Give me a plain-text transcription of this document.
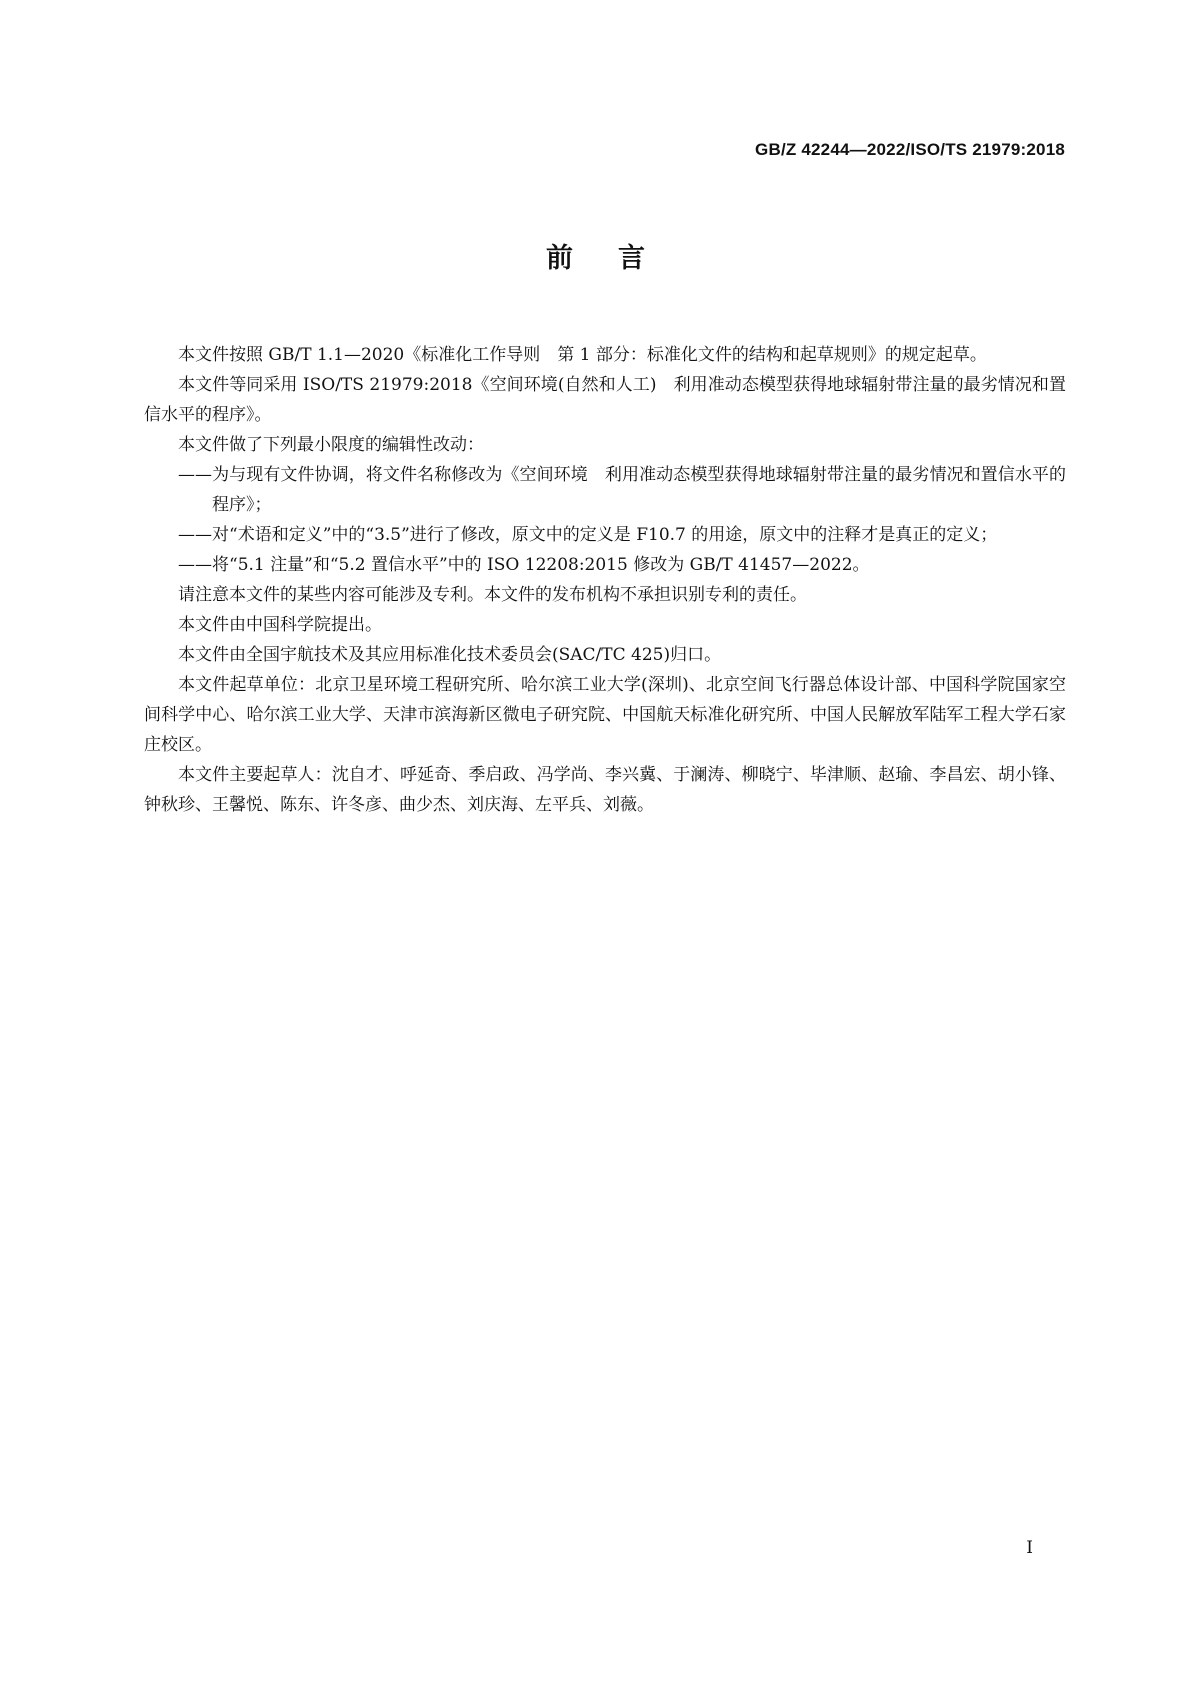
GB/Z 42244—2022/ISO/TS 21979:2018
前言

本文件按照 GB/T 1.1—2020《标准化工作导则　第 1 部分：标准化文件的结构和起草规则》的规定起草。

本文件等同采用 ISO/TS 21979:2018《空间环境(自然和人工)　利用准动态模型获得地球辐射带注量的最劣情况和置信水平的程序》。

本文件做了下列最小限度的编辑性改动：

——为与现有文件协调，将文件名称修改为《空间环境　利用准动态模型获得地球辐射带注量的最劣情况和置信水平的程序》；

——对“术语和定义”中的“3.5”进行了修改，原文中的定义是 F10.7 的用途，原文中的注释才是真正的定义；

——将“5.1 注量”和“5.2 置信水平”中的 ISO 12208:2015 修改为 GB/T 41457—2022。

请注意本文件的某些内容可能涉及专利。本文件的发布机构不承担识别专利的责任。

本文件由中国科学院提出。

本文件由全国宇航技术及其应用标准化技术委员会(SAC/TC 425)归口。

本文件起草单位：北京卫星环境工程研究所、哈尔滨工业大学(深圳)、北京空间飞行器总体设计部、中国科学院国家空间科学中心、哈尔滨工业大学、天津市滨海新区微电子研究院、中国航天标准化研究所、中国人民解放军陆军工程大学石家庄校区。

本文件主要起草人：沈自才、呼延奇、季启政、冯学尚、李兴冀、于澜涛、柳晓宁、毕津顺、赵瑜、李昌宏、胡小锋、钟秋珍、王馨悦、陈东、许冬彦、曲少杰、刘庆海、左平兵、刘薇。

I
